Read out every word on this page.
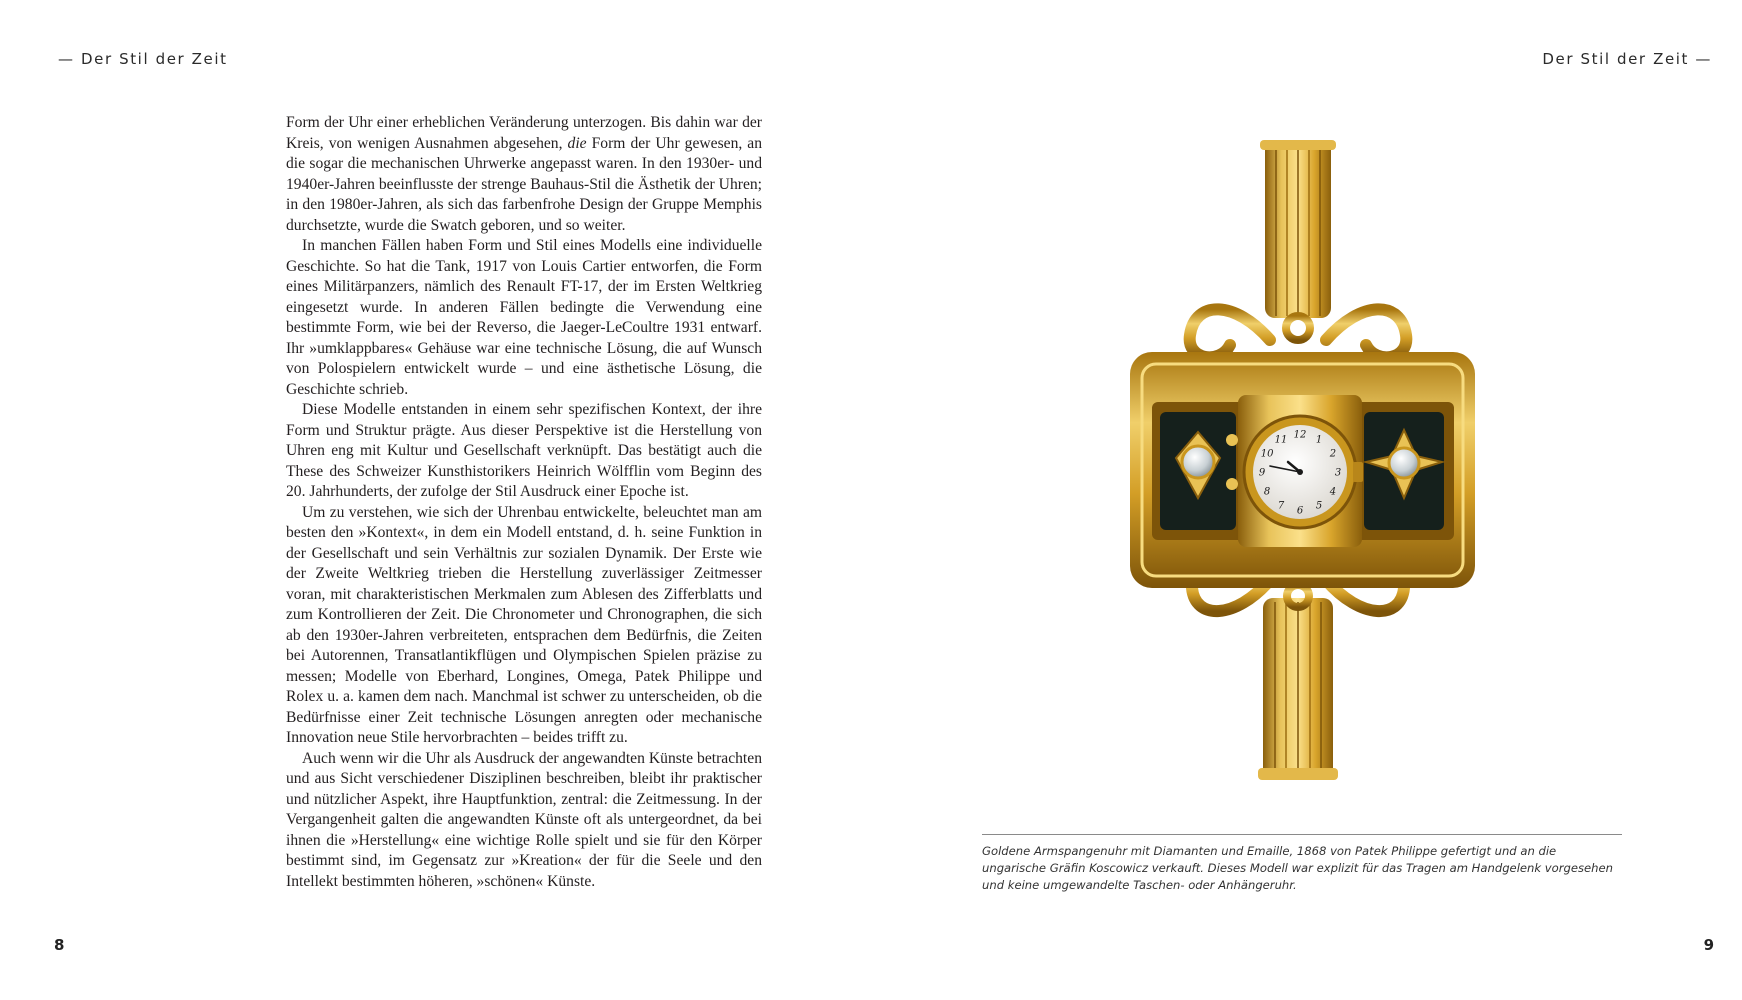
— Der Stil der Zeit	Der Stil der Zeit —

Form der Uhr einer erheblichen Veränderung unterzogen. Bis dahin war der Kreis, von wenigen Ausnahmen abgesehen, die Form der Uhr gewesen, an die sogar die mechanischen Uhrwerke angepasst waren. In den 1930er- und 1940er-Jahren beeinflusste der strenge Bauhaus-Stil die Ästhetik der Uhren; in den 1980er-Jahren, als sich das farbenfrohe Design der Gruppe Memphis durchsetzte, wurde die Swatch geboren, und so weiter.

In manchen Fällen haben Form und Stil eines Modells eine individuelle Geschichte. So hat die Tank, 1917 von Louis Cartier entworfen, die Form eines Militärpanzers, nämlich des Renault FT-17, der im Ersten Weltkrieg eingesetzt wurde. In anderen Fällen bedingte die Verwendung eine bestimmte Form, wie bei der Reverso, die Jaeger-LeCoultre 1931 entwarf. Ihr »umklappbares« Gehäuse war eine technische Lösung, die auf Wunsch von Polospielern entwickelt wurde – und eine ästhetische Lösung, die Geschichte schrieb.

Diese Modelle entstanden in einem sehr spezifischen Kontext, der ihre Form und Struktur prägte. Aus dieser Perspektive ist die Herstellung von Uhren eng mit Kultur und Gesellschaft verknüpft. Das bestätigt auch die These des Schweizer Kunsthistorikers Heinrich Wölfflin vom Beginn des 20. Jahrhunderts, der zufolge der Stil Ausdruck einer Epoche ist.

Um zu verstehen, wie sich der Uhrenbau entwickelte, beleuchtet man am besten den »Kontext«, in dem ein Modell entstand, d. h. seine Funktion in der Gesellschaft und sein Verhältnis zur sozialen Dynamik. Der Erste wie der Zweite Weltkrieg trieben die Herstellung zuverlässiger Zeitmesser voran, mit charakteristischen Merkmalen zum Ablesen des Zifferblatts und zum Kontrollieren der Zeit. Die Chronometer und Chronographen, die sich ab den 1930er-Jahren verbreiteten, entsprachen dem Bedürfnis, die Zeiten bei Autorennen, Transatlantikflügen und Olympischen Spielen präzise zu messen; Modelle von Eberhard, Longines, Omega, Patek Philippe und Rolex u. a. kamen dem nach. Manchmal ist schwer zu unterscheiden, ob die Bedürfnisse einer Zeit technische Lösungen anregten oder mechanische Innovation neue Stile hervorbrachten – beides trifft zu.

Auch wenn wir die Uhr als Ausdruck der angewandten Künste betrachten und aus Sicht verschiedener Disziplinen beschreiben, bleibt ihr praktischer und nützlicher Aspekt, ihre Hauptfunktion, zentral: die Zeitmessung. In der Vergangenheit galten die angewandten Künste oft als untergeordnet, da bei ihnen die »Herstellung« eine wichtige Rolle spielt und sie für den Körper bestimmt sind, im Gegensatz zur »Kreation« der für die Seele und den Intellekt bestimmten höheren, »schönen« Künste.

12 1
2
3
4
5
6
7
8
9
10
11
Goldene Armspangenuhr mit Diamanten und Emaille, 1868 von Patek Philippe gefertigt und an die ungarische Gräfin Koscowicz verkauft. Dieses Modell war explizit für das Tragen am Handgelenk vorgesehen und keine umgewandelte Taschen- oder Anhängeruhr.
8	9
